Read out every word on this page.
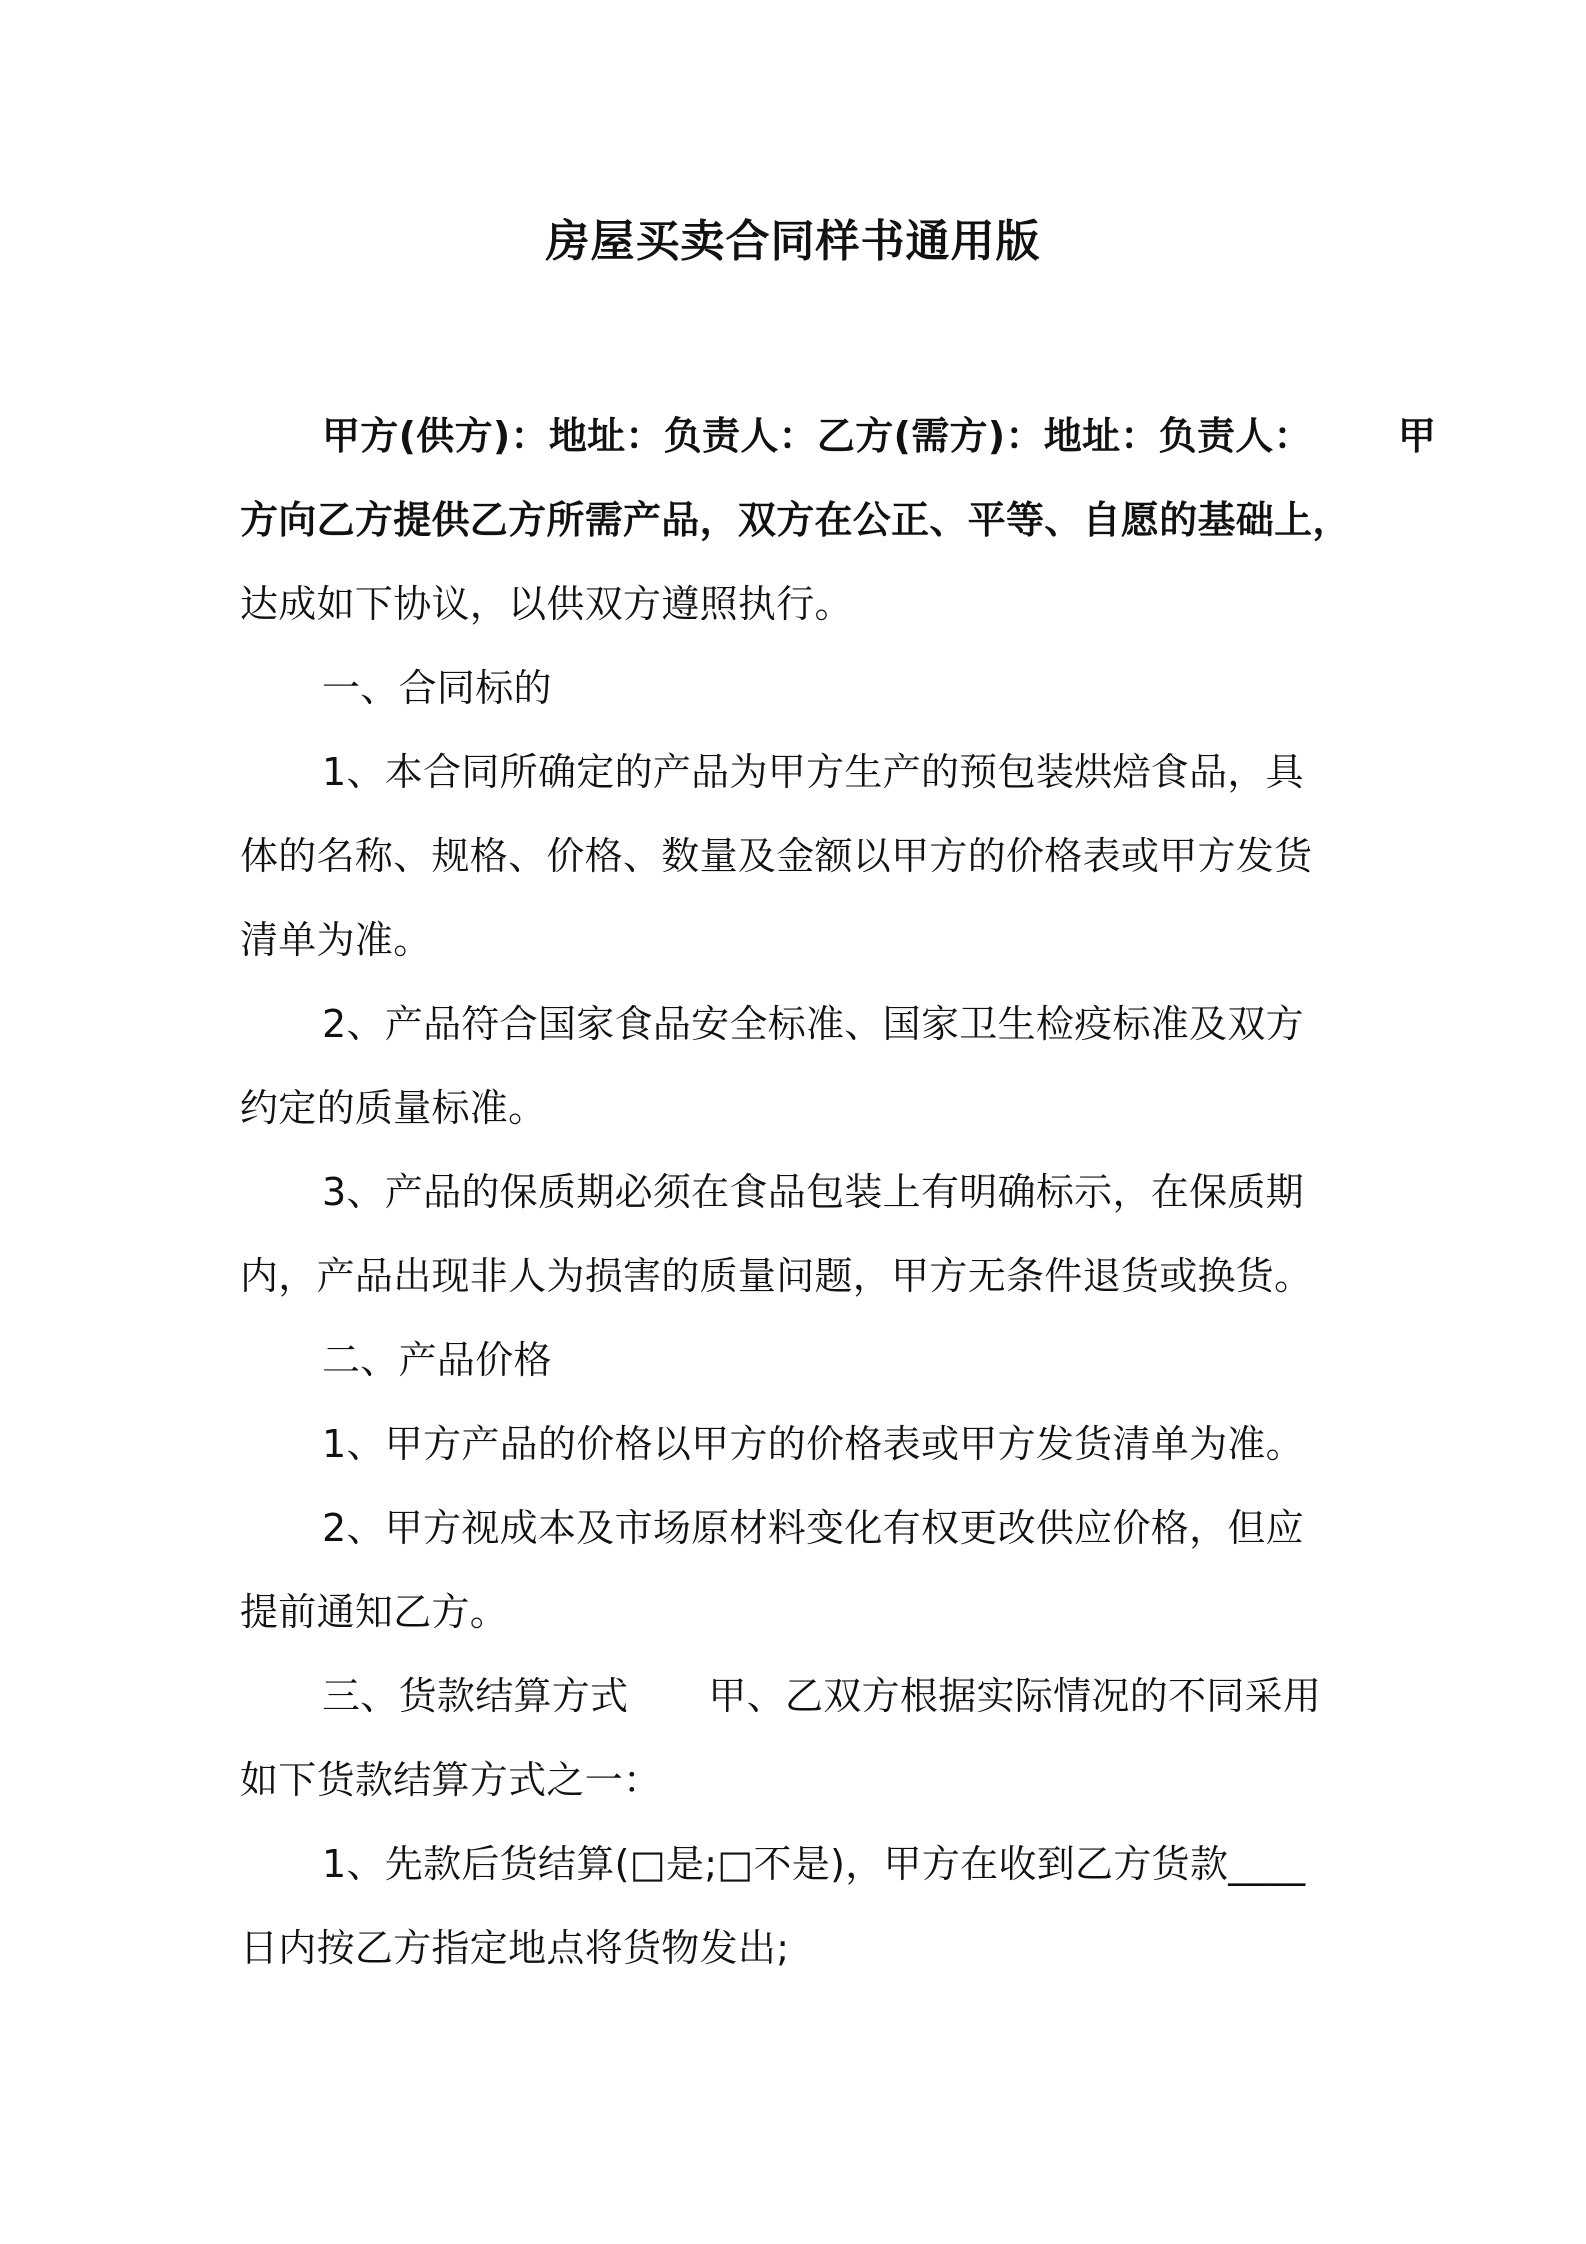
房屋买卖合同样书通用版
甲方(供方)：地址：负责人：乙方(需方)：地址：负责人： 甲
方向乙方提供乙方所需产品，双方在公正、平等、自愿的基础上，
达成如下协议，以供双方遵照执行。
一、合同标的
1、本合同所确定的产品为甲方生产的预包装烘焙食品，具
体的名称、规格、价格、数量及金额以甲方的价格表或甲方发货
清单为准。
2、产品符合国家食品安全标准、国家卫生检疫标准及双方
约定的质量标准。
3、产品的保质期必须在食品包装上有明确标示，在保质期
内，产品出现非人为损害的质量问题，甲方无条件退货或换货。
二、产品价格
1、甲方产品的价格以甲方的价格表或甲方发货清单为准。
2、甲方视成本及市场原材料变化有权更改供应价格，但应
提前通知乙方。
三、货款结算方式 甲、乙双方根据实际情况的不同采用
如下货款结算方式之一：
1、先款后货结算(□是;□不是)，甲方在收到乙方货款____
日内按乙方指定地点将货物发出;
